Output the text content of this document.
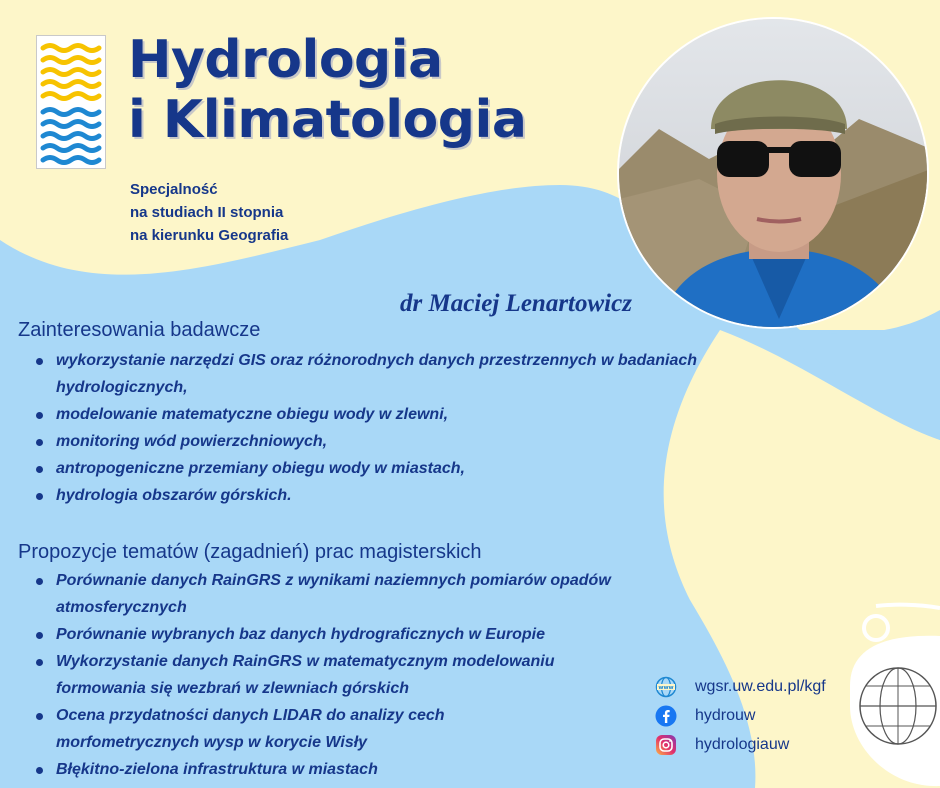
Hydrologia
i Klimatologia
Specjalność
na studiach II stopnia
na kierunku Geografia
dr Maciej Lenartowicz
Zainteresowania badawcze
wykorzystanie narzędzi GIS oraz różnorodnych danych przestrzennych w badaniach
hydrologicznych,
modelowanie matematyczne obiegu wody w zlewni,
monitoring wód powierzchniowych,
antropogeniczne przemiany obiegu wody w miastach,
hydrologia obszarów górskich.
Propozycje tematów (zagadnień) prac magisterskich
Porównanie danych RainGRS z wynikami naziemnych pomiarów opadów
atmosferycznych
Porównanie wybranych baz danych hydrograficznych w Europie
Wykorzystanie danych RainGRS w matematycznym modelowaniu
formowania się wezbrań w zlewniach górskich
Ocena przydatności danych LIDAR do analizy cech
morfometrycznych wysp w korycie Wisły
Błękitno-zielona infrastruktura w miastach
www wgsr.uw.edu.pl/kgf
hydrouw
hydrologiauw
